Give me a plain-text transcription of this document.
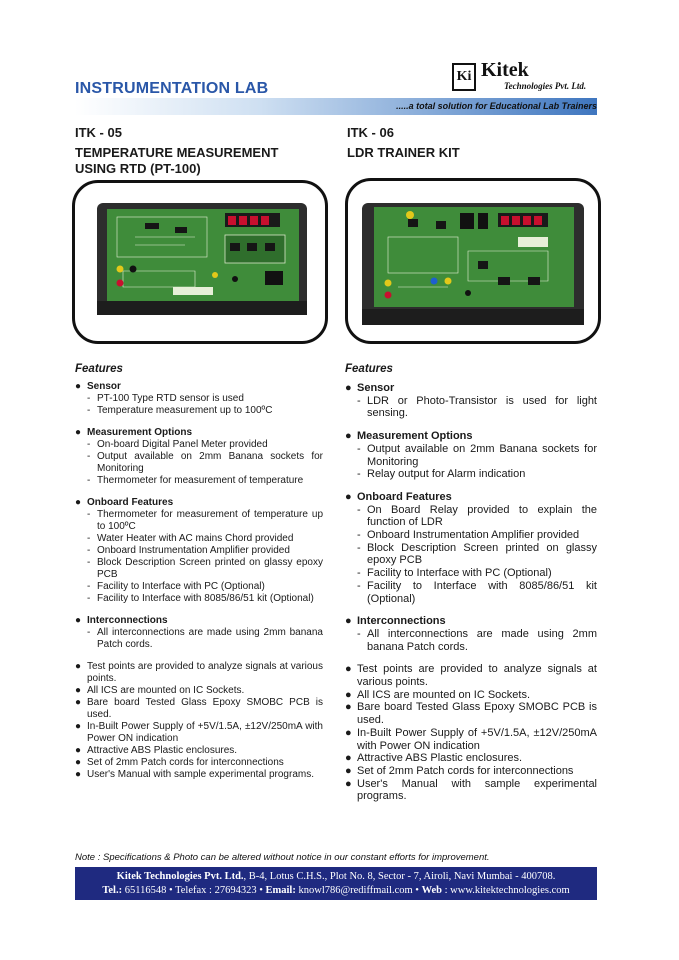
INSTRUMENTATION LAB
.....a total solution for Educational Lab Trainers
Ki Kitek
Technologies Pvt. Ltd.
ITK - 05
TEMPERATURE MEASUREMENT
USING RTD (PT-100)
ITK - 06
LDR TRAINER KIT
Features
● Sensor
- PT-100 Type RTD sensor is used
- Temperature measurement up to 100ºC
● Measurement Options
- On-board Digital Panel Meter provided
- Output available on 2mm Banana sockets for Monitoring
- Thermometer for measurement of temperature
● Onboard Features
- Thermometer for measurement of temperature up to 100ºC
- Water Heater with AC mains Chord provided
- Onboard Instrumentation Amplifier provided
- Block Description Screen printed on glassy epoxy PCB
- Facility to Interface with PC (Optional)
- Facility to Interface with 8085/86/51 kit (Optional)
● Interconnections
- All interconnections are made using 2mm banana Patch cords.
● Test points are provided to analyze signals at various points.
● All ICS are mounted on IC Sockets.
● Bare board Tested Glass Epoxy SMOBC PCB is used.
● In-Built Power Supply of +5V/1.5A, ±12V/250mA with Power ON indication
● Attractive ABS Plastic enclosures.
● Set of 2mm Patch cords for interconnections
● User's Manual with sample experimental programs.
Features
● Sensor
- LDR or Photo-Transistor is used for light sensing.
● Measurement Options
- Output available on 2mm Banana sockets for Monitoring
- Relay output for Alarm indication
● Onboard Features
- On Board Relay provided to explain the function of LDR
- Onboard Instrumentation Amplifier provided
- Block Description Screen printed on glassy epoxy PCB
- Facility to Interface with PC (Optional)
- Facility to Interface with 8085/86/51 kit (Optional)
● Interconnections
- All interconnections are made using 2mm banana Patch cords.
● Test points are provided to analyze signals at various points.
● All ICS are mounted on IC Sockets.
● Bare board Tested Glass Epoxy SMOBC PCB is used.
● In-Built Power Supply of +5V/1.5A, ±12V/250mA with Power ON indication
● Attractive ABS Plastic enclosures.
● Set of 2mm Patch cords for interconnections
● User's Manual with sample experimental programs.
Note : Specifications & Photo can be altered without notice in our constant efforts for improvement.
Kitek Technologies Pvt. Ltd., B-4, Lotus C.H.S., Plot No. 8, Sector - 7, Airoli, Navi Mumbai - 400708.
Tel.: 65116548 • Telefax : 27694323 • Email: knowl786@rediffmail.com • Web : www.kitektechnologies.com
